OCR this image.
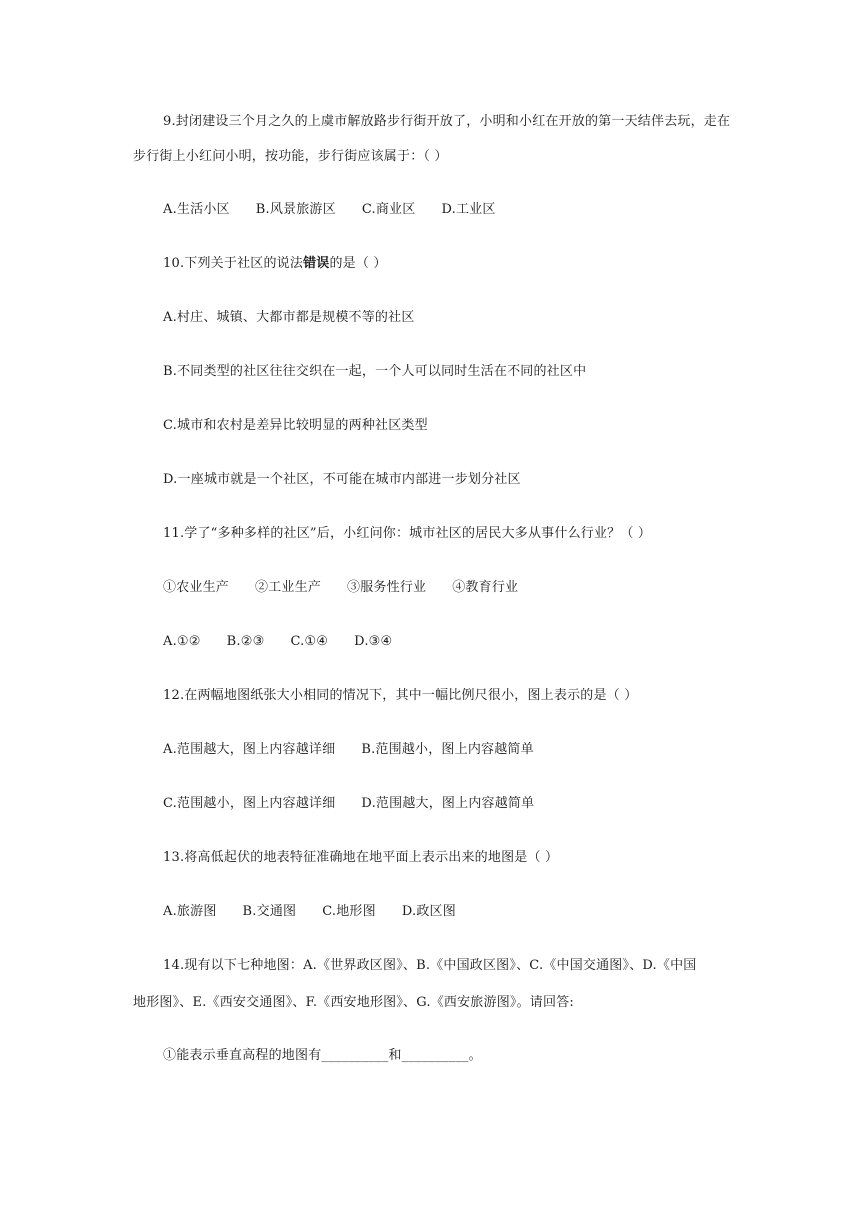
9.封闭建设三个月之久的上虞市解放路步行街开放了，小明和小红在开放的第一天结伴去玩，走在
步行街上小红问小明，按功能，步行街应该属于：（ ）
A.生活小区 B.风景旅游区 C.商业区 D.工业区
10.下列关于社区的说法错误的是（ ）
A.村庄、城镇、大都市都是规模不等的社区
B.不同类型的社区往往交织在一起，一个人可以同时生活在不同的社区中
C.城市和农村是差异比较明显的两种社区类型
D.一座城市就是一个社区，不可能在城市内部进一步划分社区
11.学了“多种多样的社区”后，小红问你：城市社区的居民大多从事什么行业？（ ）
①农业生产 ②工业生产 ③服务性行业 ④教育行业
A.①② B.②③ C.①④ D.③④
12.在两幅地图纸张大小相同的情况下，其中一幅比例尺很小，图上表示的是（ ）
A.范围越大，图上内容越详细 B.范围越小，图上内容越简单
C.范围越小，图上内容越详细 D.范围越大，图上内容越简单
13.将高低起伏的地表特征准确地在地平面上表示出来的地图是（ ）
A.旅游图 B.交通图 C.地形图 D.政区图
14.现有以下七种地图：A.《世界政区图》、B.《中国政区图》、C.《中国交通图》、D.《中国
地形图》、E.《西安交通图》、F.《西安地形图》、G.《西安旅游图》。请回答:
①能表示垂直高程的地图有__________和__________。
